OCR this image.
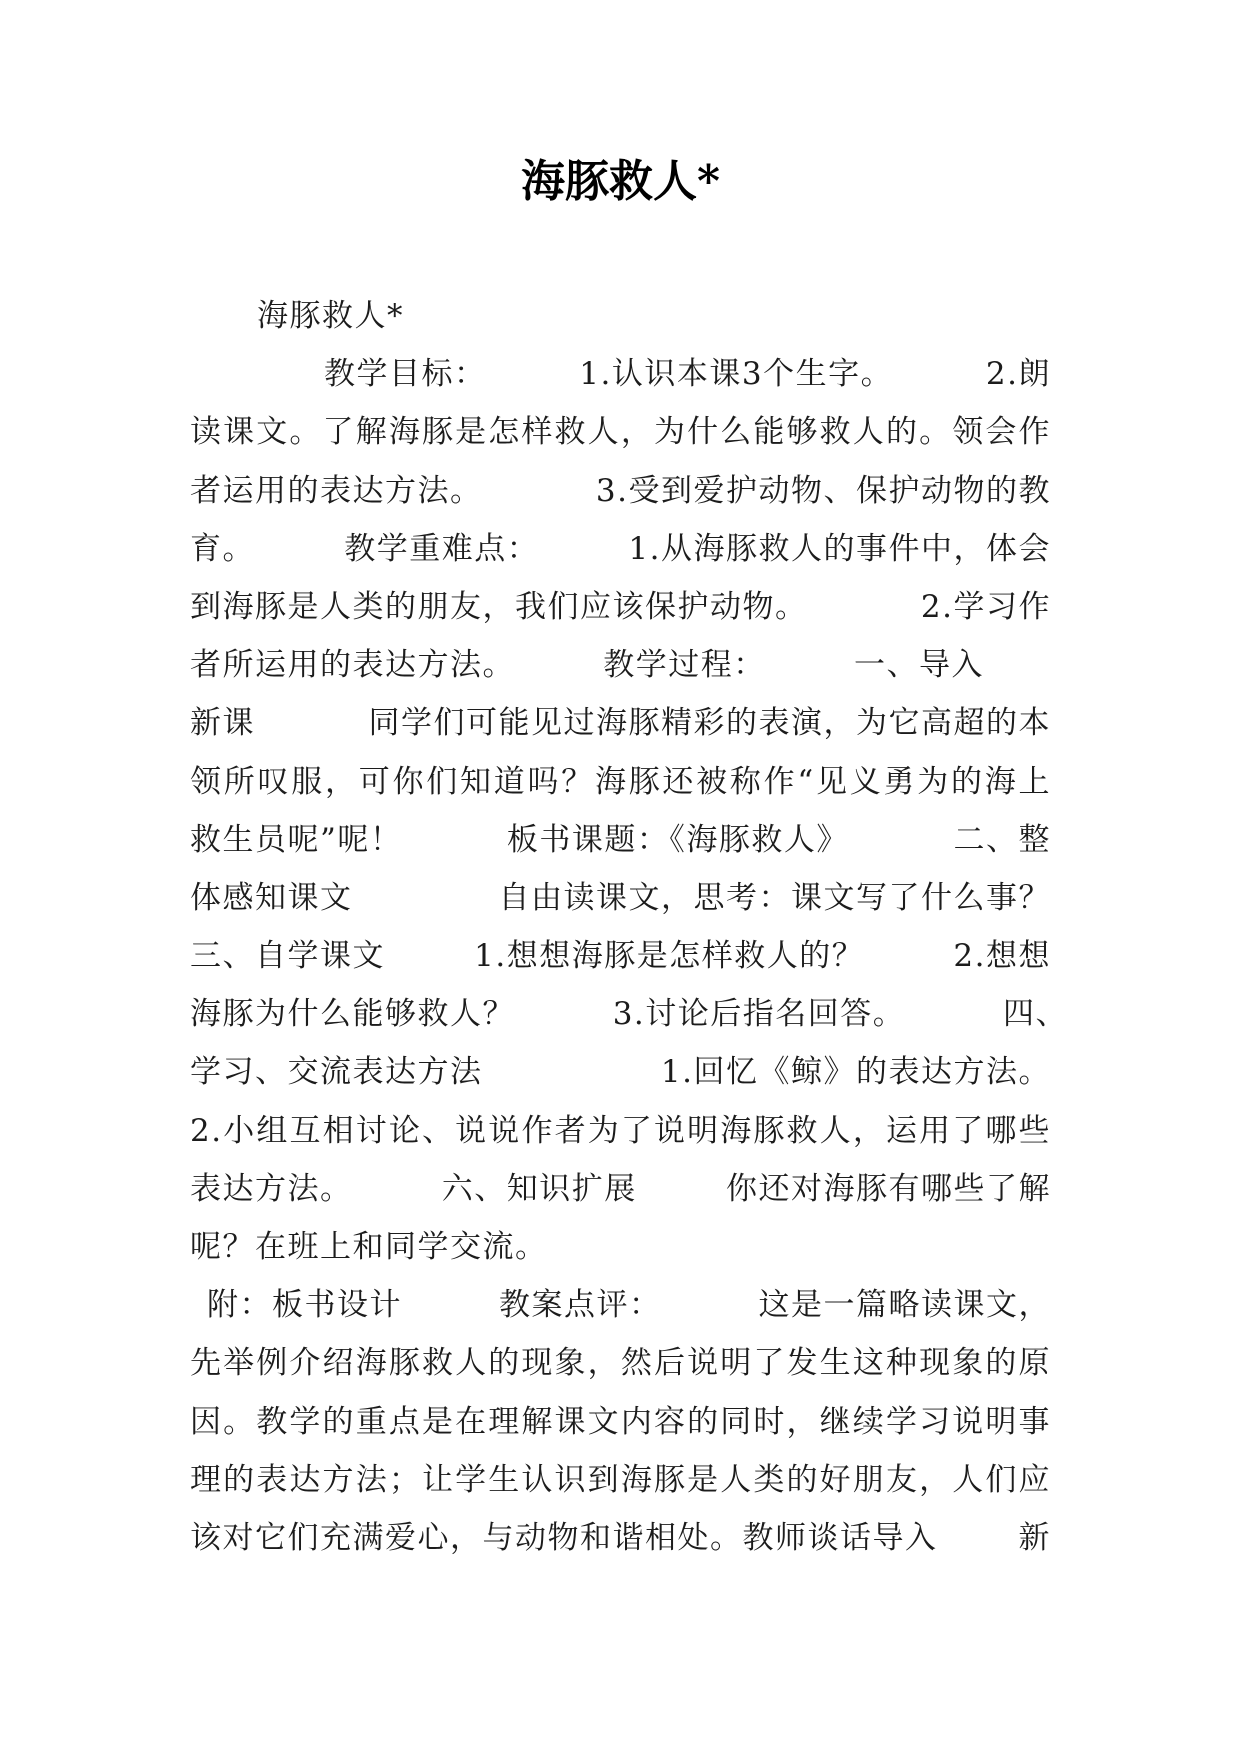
海豚救人*
海豚救人*
教学目标：	1.认识本课3个生字。	2.朗
读课文。了解海豚是怎样救人，为什么能够救人的。领会作
者运用的表达方法。	3.受到爱护动物、保护动物的教
育。	教学重难点：	1.从海豚救人的事件中，体会
到海豚是人类的朋友，我们应该保护动物。	2.学习作
者所运用的表达方法。	教学过程：	一、导入
新课	同学们可能见过海豚精彩的表演，为它高超的本
领所叹服，可你们知道吗？海豚还被称作“见义勇为的海上
救生员呢”呢！	板书课题：《海豚救人》	二、整
体感知课文	自由读课文，思考：课文写了什么事？
三、自学课文	1.想想海豚是怎样救人的？	2.想想
海豚为什么能够救人？	3.讨论后指名回答。	四、
学习、交流表达方法	1.回忆《鲸》的表达方法。
2.小组互相讨论、说说作者为了说明海豚救人，运用了哪些
表达方法。	六、知识扩展	你还对海豚有哪些了解
呢？在班上和同学交流。
附：板书设计	教案点评：	这是一篇略读课文，
先举例介绍海豚救人的现象，然后说明了发生这种现象的原
因。教学的重点是在理解课文内容的同时，继续学习说明事
理的表达方法；让学生认识到海豚是人类的好朋友，人们应
该对它们充满爱心，与动物和谐相处。教师谈话导入	新
